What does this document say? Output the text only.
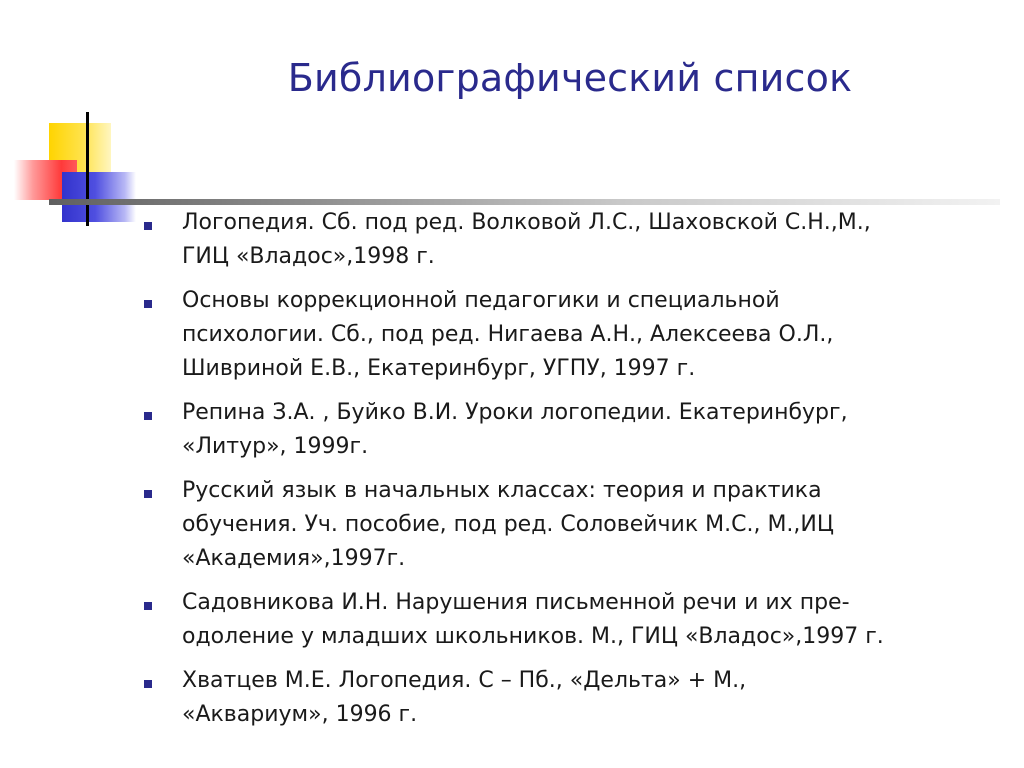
Библиографический список
Логопедия. Сб. под ред. Волковой Л.С., Шаховской С.Н.,М.,
ГИЦ «Владос»,1998 г.
Основы коррекционной педагогики и специальной
психологии. Сб., под ред. Нигаева А.Н., Алексеева О.Л.,
Шивриной Е.В., Екатеринбург, УГПУ, 1997 г.
Репина З.А. , Буйко В.И. Уроки логопедии. Екатеринбург,
«Литур», 1999г.
Русский язык в начальных классах: теория и практика
обучения. Уч. пособие, под ред. Соловейчик М.С., М.,ИЦ
«Академия»,1997г.
Садовникова И.Н. Нарушения письменной речи и их пре-
одоление у младших школьников. М., ГИЦ «Владос»,1997 г.
Хватцев М.Е. Логопедия. С – Пб., «Дельта» + М.,
«Аквариум», 1996 г.
